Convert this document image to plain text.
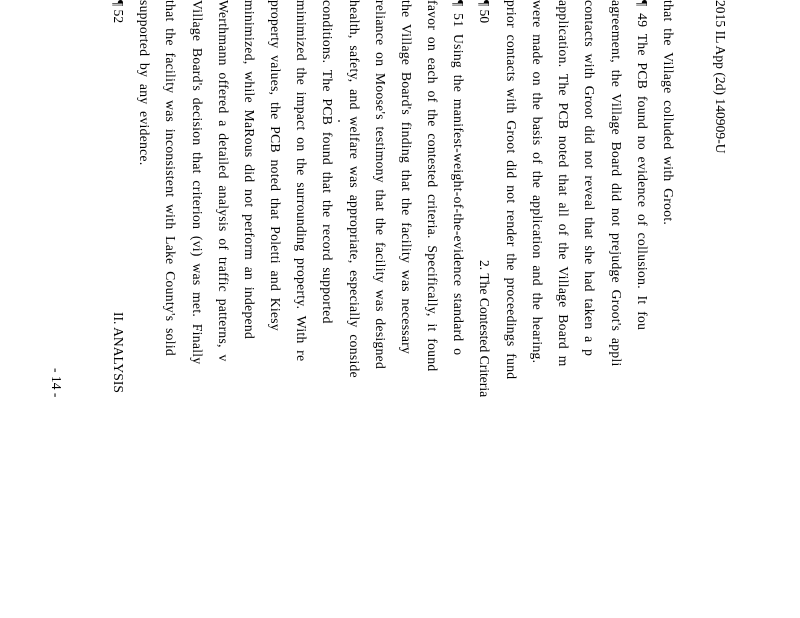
2015 IL App (2d) 140909-U
that the Village colluded with Groot.
¶ 49 The PCB found no evidence of collusion. It fou
agreement, the Village Board did not prejudge Groot's appli
contacts with Groot did not reveal that she had taken a p
application. The PCB noted that all of the Village Board m
were made on the basis of the application and the hearing.
prior contacts with Groot did not render the proceedings fund
¶ 50
2. The Contested Criteria
¶ 51 Using the manifest-weight-of-the-evidence standard o
favor on each of the contested criteria. Specifically, it found
the Village Board's finding that the facility was necessary
reliance on Moose's testimony that the facility was designed
health, safety, and welfare was appropriate, especially conside
conditions. The PCB found that the record supported
minimized the impact on the surrounding property. With re
property values, the PCB noted that Poletti and Kiesy
minimized, while MaRous did not perform an independ
Werthmann offered a detailed analysis of traffic patterns, v
Village Board's decision that criterion (vi) was met. Finally
that the facility was inconsistent with Lake County's solid
supported by any evidence.
¶ 52
II. ANALYSIS
- 14 -
